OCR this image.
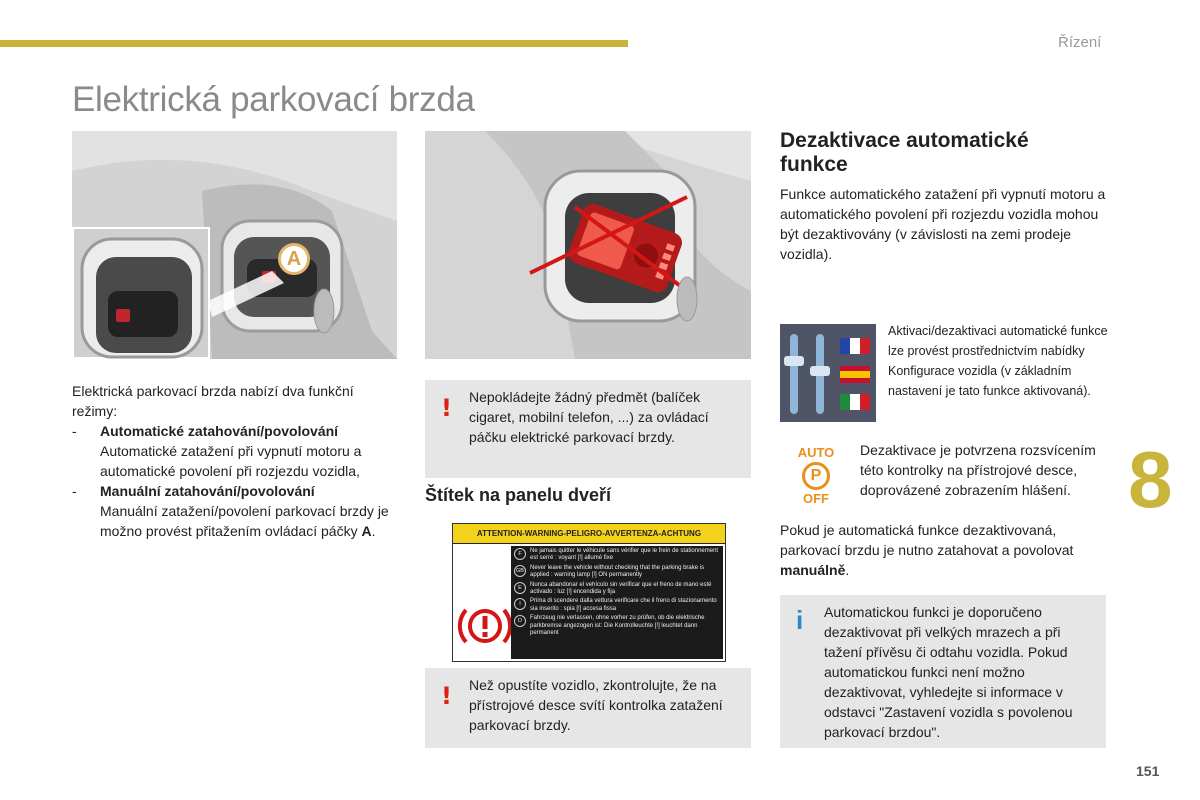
Řízení
Elektrická parkovací brzda
A
Elektrická parkovací brzda nabízí dva funkční režimy:
- Automatické zatahování/povolování
Automatické zatažení při vypnutí motoru a automatické povolení při rozjezdu vozidla,
- Manuální zatahování/povolování
Manuální zatažení/povolení parkovací brzdy je možno provést přitažením ovládací páčky A.
! Nepokládejte žádný předmět (balíček cigaret, mobilní telefon, ...) za ovládací páčku elektrické parkovací brzdy.
Štítek na panelu dveří
ATTENTION-WARNING-PELIGRO-AVVERTENZA-ACHTUNG
F	Ne jamais quitter le véhicule sans vérifier que le frein de stationnement est serré : voyant [!] allumé fixe
GB	Never leave the vehicle without checking that the parking brake is applied : warning lamp [!] ON permanently
E	Nunca abandonar el vehículo sin verificar que el freno de mano esté activado : luz [!] encendida y fija
I	Prima di scendere dalla vettura verificare che il freno di stazionamento sia inserito : spia [!] accesa fissa
D	Fahrzeug nie verlassen, ohne vorher zu prüfen, ob die elektrische parkbremse angezogen ist: Die Kontrolleuchte [!] leuchtet dann permanent
! Než opustíte vozidlo, zkontrolujte, že na přístrojové desce svítí kontrolka zatažení parkovací brzdy.
Dezaktivace automatické funkce
Funkce automatického zatažení při vypnutí motoru a automatického povolení při rozjezdu vozidla mohou být dezaktivovány (v závislosti na zemi prodeje vozidla).
Aktivaci/dezaktivaci automatické funkce lze provést prostřednictvím nabídky Konfigurace vozidla (v základním nastavení je tato funkce aktivovaná).
AUTO
P
OFF
Dezaktivace je potvrzena rozsvícením této kontrolky na přístrojové desce, doprovázené zobrazením hlášení.
Pokud je automatická funkce dezaktivovaná, parkovací brzdu je nutno zatahovat a povolovat manuálně.
i Automatickou funkci je doporučeno dezaktivovat při velkých mrazech a při tažení přívěsu či odtahu vozidla. Pokud automatickou funkci není možno dezaktivovat, vyhledejte si informace v odstavci "Zastavení vozidla s povolenou parkovací brzdou".
8
151
